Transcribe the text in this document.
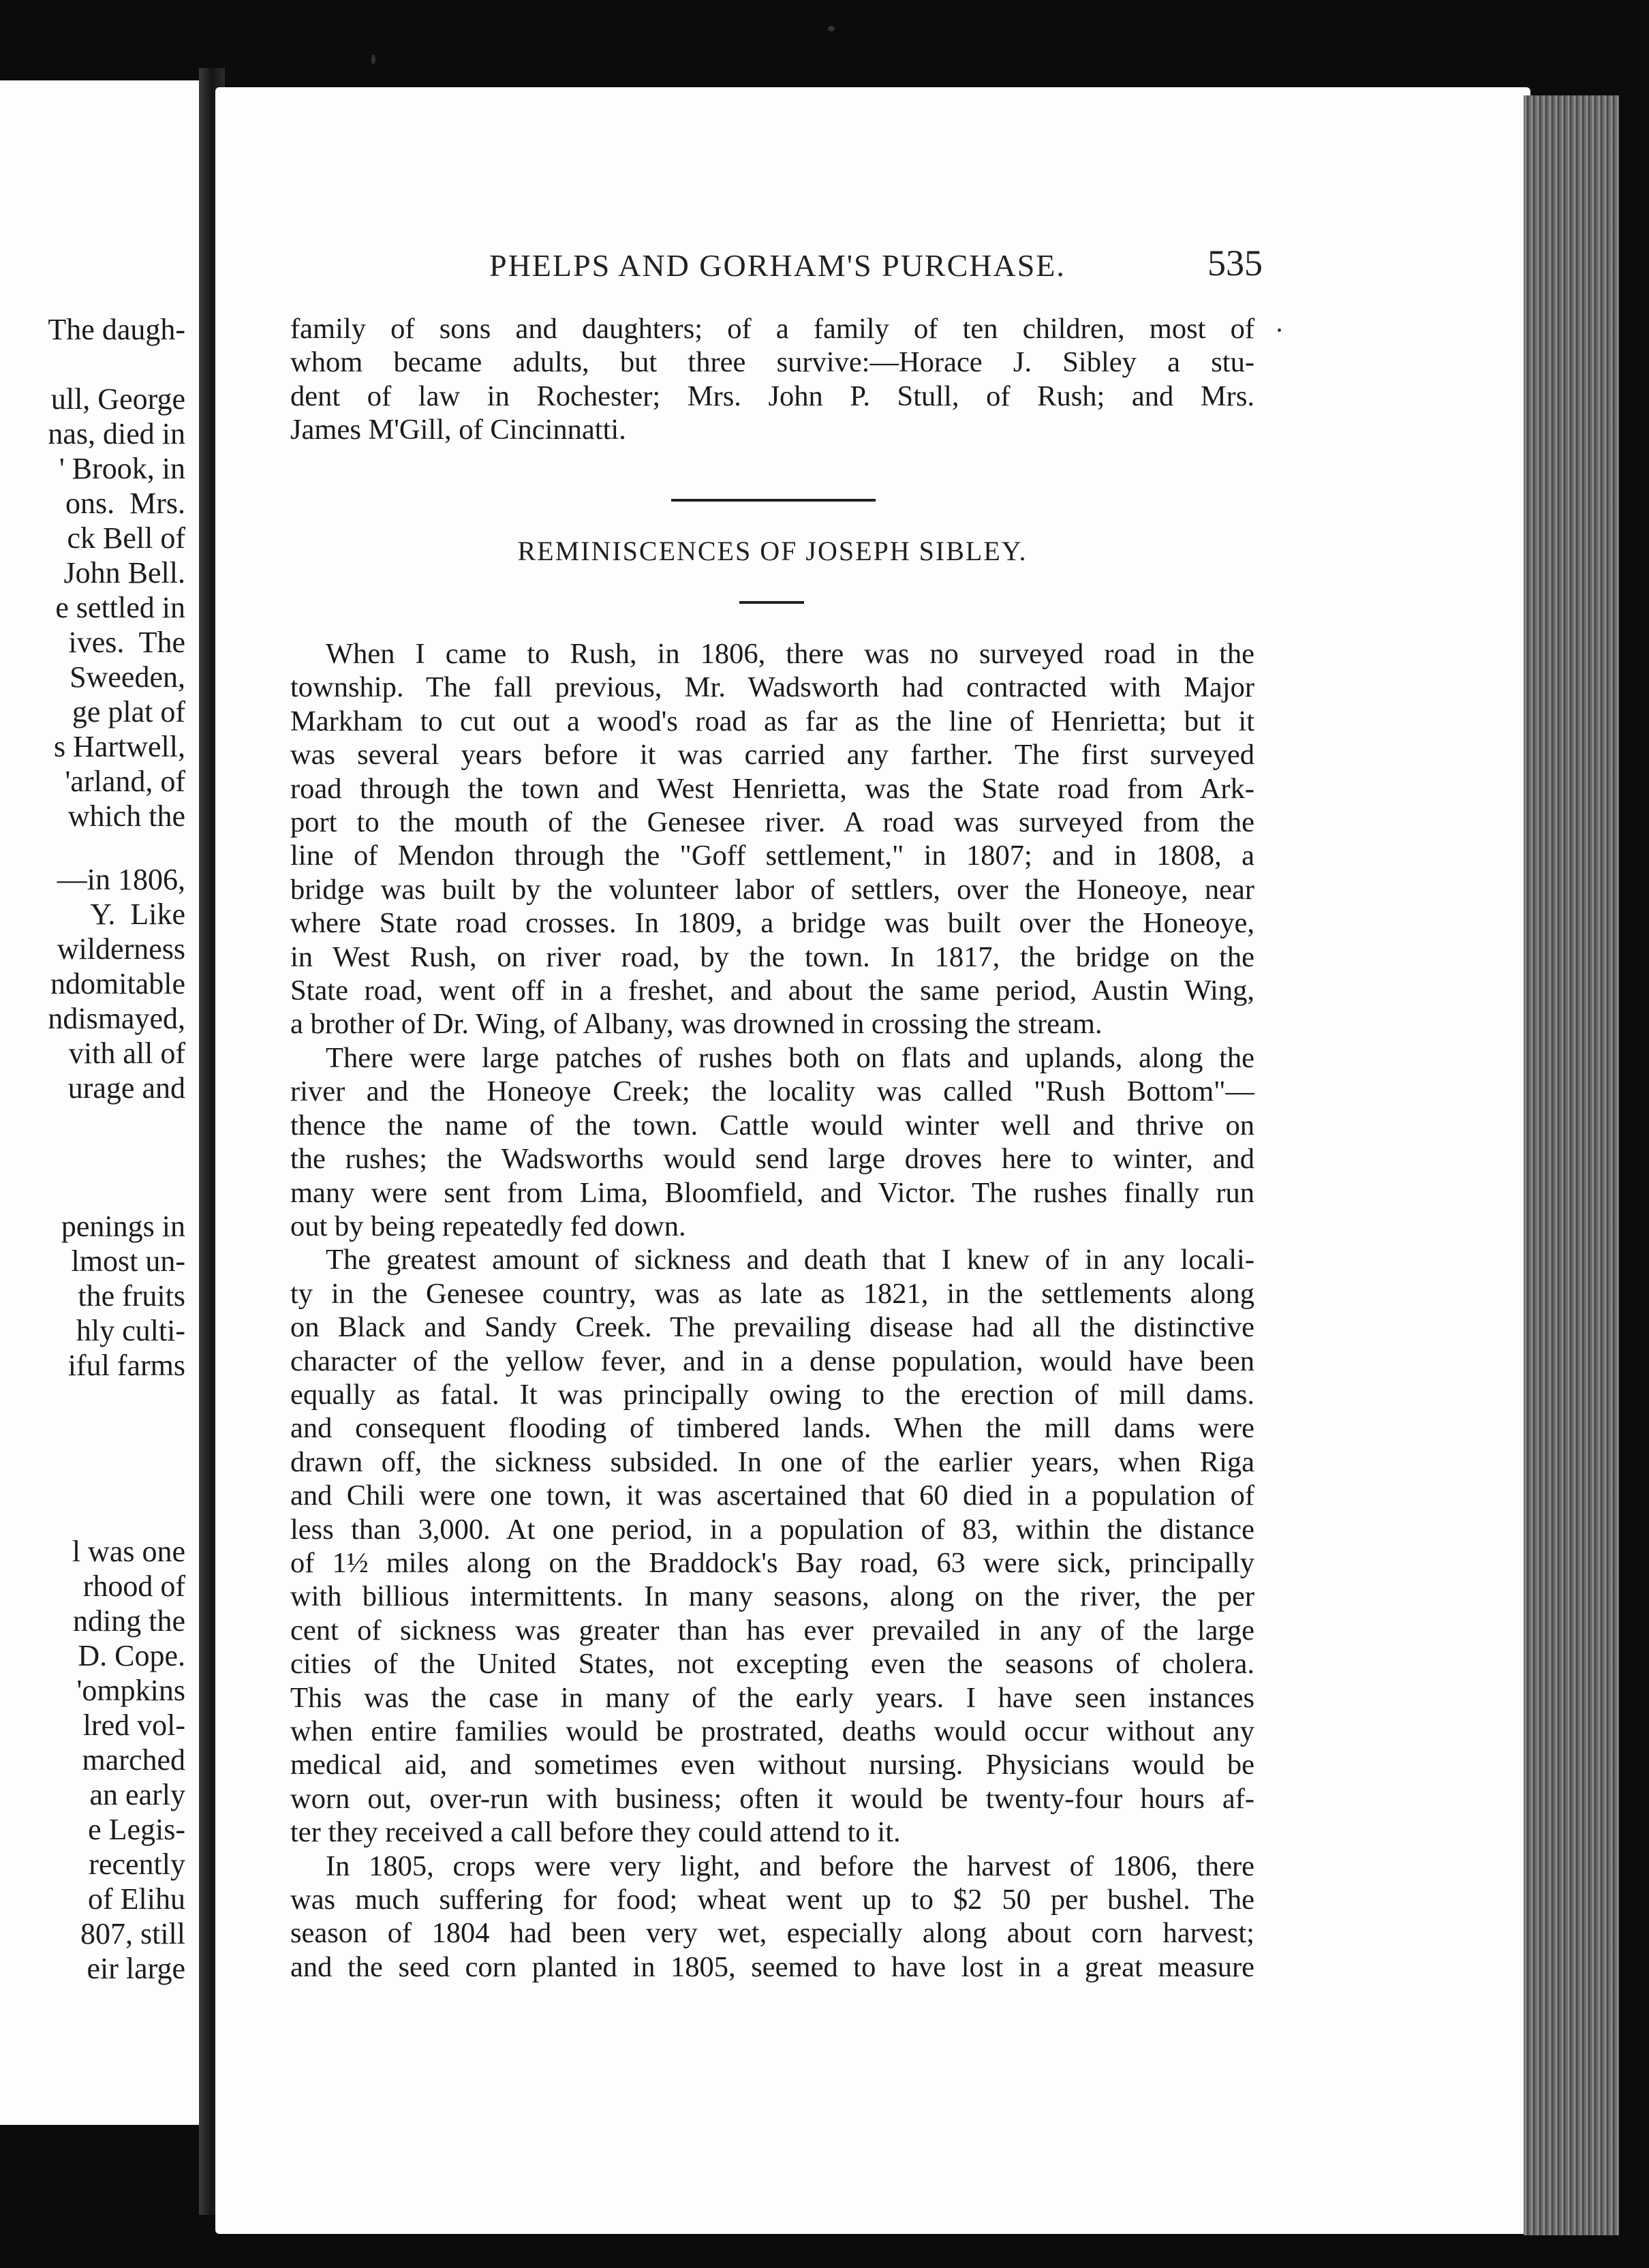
The daugh-

ull, George
nas, died in
' Brook, in
ons.  Mrs.
ck Bell of
John Bell.
e settled in
ives.  The
Sweeden,
ge plat of
s Hartwell,
'arland, of
which the
—in 1806,
Y.  Like
wilderness
ndomitable
ndismayed,
vith all of
urage and
penings in
lmost un-
the fruits
hly culti-
iful farms
l was one
rhood of
nding the
D. Cope.
'ompkins
lred vol-
marched
an early
e Legis-
recently
of Elihu
807, still
eir large
PHELPS AND GORHAM'S PURCHASE.	535

family of sons and daughters; of a family of ten children, most of

whom became adults, but three survive:—Horace J. Sibley a stu-

dent of law in Rochester; Mrs. John P. Stull, of Rush; and Mrs.

James M'Gill, of Cincinnatti.

REMINISCENCES OF JOSEPH SIBLEY.
When I came to Rush, in 1806, there was no surveyed road in the
township. The fall previous, Mr. Wadsworth had contracted with Major
Markham to cut out a wood's road as far as the line of Henrietta; but it
was several years before it was carried any farther. The first surveyed
road through the town and West Henrietta, was the State road from Ark-
port to the mouth of the Genesee river. A road was surveyed from the
line of Mendon through the "Goff settlement," in 1807; and in 1808, a
bridge was built by the volunteer labor of settlers, over the Honeoye, near
where State road crosses. In 1809, a bridge was built over the Honeoye,
in West Rush, on river road, by the town. In 1817, the bridge on the
State road, went off in a freshet, and about the same period, Austin Wing,
a brother of Dr. Wing, of Albany, was drowned in crossing the stream.
There were large patches of rushes both on flats and uplands, along the
river and the Honeoye Creek; the locality was called "Rush Bottom"—
thence the name of the town. Cattle would winter well and thrive on
the rushes; the Wadsworths would send large droves here to winter, and
many were sent from Lima, Bloomfield, and Victor. The rushes finally run
out by being repeatedly fed down.
The greatest amount of sickness and death that I knew of in any locali-
ty in the Genesee country, was as late as 1821, in the settlements along
on Black and Sandy Creek. The prevailing disease had all the distinctive
character of the yellow fever, and in a dense population, would have been
equally as fatal. It was principally owing to the erection of mill dams.
and consequent flooding of timbered lands. When the mill dams were
drawn off, the sickness subsided. In one of the earlier years, when Riga
and Chili were one town, it was ascertained that 60 died in a population of
less than 3,000. At one period, in a population of 83, within the distance
of 1½ miles along on the Braddock's Bay road, 63 were sick, principally
with billious intermittents. In many seasons, along on the river, the per
cent of sickness was greater than has ever prevailed in any of the large
cities of the United States, not excepting even the seasons of cholera.
This was the case in many of the early years. I have seen instances
when entire families would be prostrated, deaths would occur without any
medical aid, and sometimes even without nursing. Physicians would be
worn out, over-run with business; often it would be twenty-four hours af-
ter they received a call before they could attend to it.
In 1805, crops were very light, and before the harvest of 1806, there
was much suffering for food; wheat went up to $2 50 per bushel. The
season of 1804 had been very wet, especially along about corn harvest;
and the seed corn planted in 1805, seemed to have lost in a great measure
